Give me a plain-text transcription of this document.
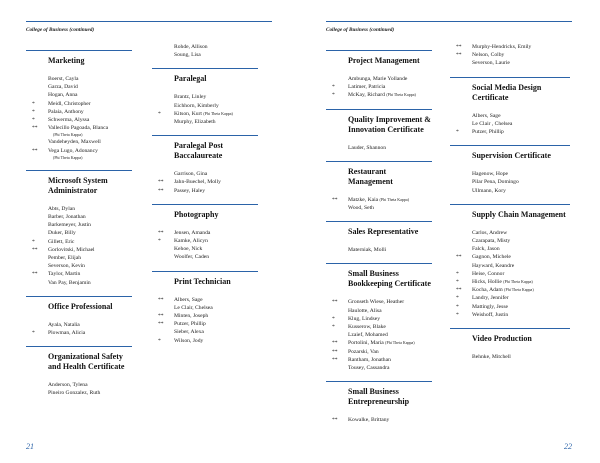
College of Business (continued)
Marketing
Boerst, Cayla
Garza, David
Hogan, Anna
* Meidl, Christopher
* Palaia, Anthony
* Schwerma, Alyssa
** Vallecillo Pagoada, Blanca
(Phi Theta Kappa)
Vandeheyden, Maxwell
** Vega Lugo, Adonancy
(Phi Theta Kappa)
Microsoft System Administrator
Abts, Dylan
Barber, Jonathan
Barkemeyer, Justin
Duker, Billy
* Gillett, Eric
** Gorlovitski, Michael
Pember, Elijah
Severson, Kevin
** Taylor, Martin
Van Pay, Benjamin
Office Professional
Ayala, Natalia
* Plowman, Alicia
Organizational Safety and Health Certificate
Anderson, Tylena
Pineiro Gonzalez, Ruth
Rohde, Allison
Soung, Lisa
Paralegal
Brantz, Linley
Eichhorn, Kimberly
* Kitson, Kurt (Phi Theta Kappa)
Murphy, Elizabeth
Paralegal Post Baccalaureate
Garrison, Gina
** Jahn-Buechel, Molly
** Passey, Haley
Photography
** Jensen, Amanda
* Kamke, Alicyn
Kehoe, Nick
Woolfer, Caden
Print Technician
** Albers, Sage
Le Clair, Chelsea
** Minten, Joseph
** Putzer, Phillip
Sieber, Alexa
* Wilson, Jody
21
College of Business (continued)
Project Management
Ambunga, Marie Yollande
* Latimer, Patricia
* McKay, Richard (Phi Theta Kappa)
Quality Improvement & Innovation Certificate
Lauder, Shannon
Restaurant Management
** Matzke, Kaia (Phi Theta Kappa)
Wood, Seth
Sales Representative
Materniak, Molli
Small Business Bookkeeping Certificate
** Gronseth Wiese, Heather
Haulotte, Alisa
* Klug, Lindsey
* Kusserow, Blake
Lzaief, Mohamed
** Portolini, Maria (Phi Theta Kappa)
** Pozarski, Van
** Rantham, Jonathan
Tousey, Cassandra
Small Business Entrepreneurship
** Kowalke, Brittany
** Murphy-Hendricks, Emily
** Nelson, Colby
Severson, Laurie
Social Media Design Certificate
Albers, Sage
Le Clair , Chelsea
* Putzer, Phillip
Supervision Certificate
Hagenow, Hope
Pilar Pena, Domingo
Ullmann, Kory
Supply Chain Management
Carlos, Andrew
Czarapata, Misty
Falck, Jason
** Gagnon, Michele
Hayward, Keandre
* Heise, Connor
* Hicks, Hollie (Phi Theta Kappa)
** Kocha, Adam (Phi Theta Kappa)
* Landry, Jennifer
* Mattingly, Jesse
* Weishoff, Justin
Video Production
Behnke, Mitchell
22
